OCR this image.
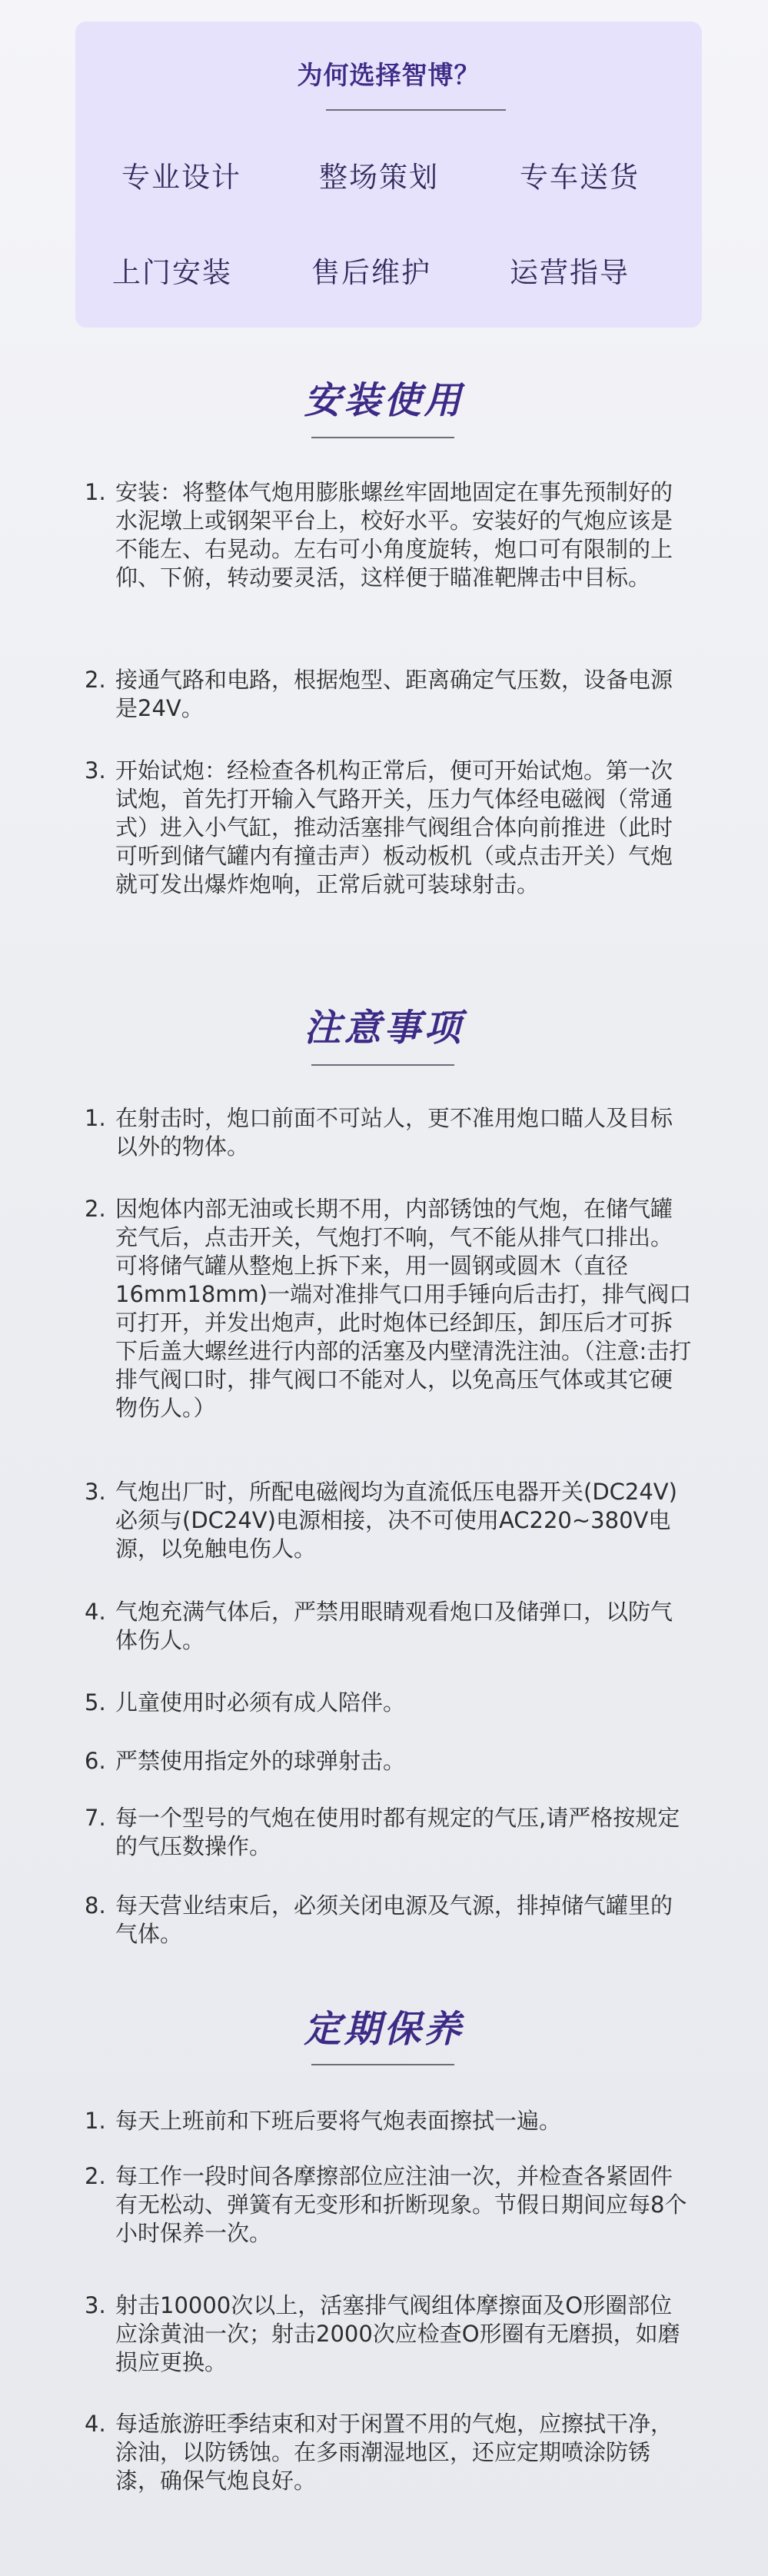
为何选择智博？
专业设计	整场策划	专车送货
上门安装	售后维护	运营指导
安装使用
1. 安装：将整体气炮用膨胀螺丝牢固地固定在事先预制好的水泥墩上或钢架平台上，校好水平。安装好的气炮应该是不能左、右晃动。左右可小角度旋转，炮口可有限制的上仰、下俯，转动要灵活，这样便于瞄准靶牌击中目标。
2. 接通气路和电路，根据炮型、距离确定气压数，设备电源是24V。
3. 开始试炮：经检查各机构正常后，便可开始试炮。第一次试炮，首先打开输入气路开关，压力气体经电磁阀（常通式）进入小气缸，推动活塞排气阀组合体向前推进（此时可听到储气罐内有撞击声）板动板机（或点击开关）气炮就可发出爆炸炮响，正常后就可装球射击。
注意事项
1. 在射击时，炮口前面不可站人，更不准用炮口瞄人及目标以外的物体。
2. 因炮体内部无油或长期不用，内部锈蚀的气炮，在储气罐充气后，点击开关，气炮打不响，气不能从排气口排出。可将储气罐从整炮上拆下来，用一圆钢或圆木（直径16mm18mm)一端对准排气口用手锤向后击打，排气阀口可打开，并发出炮声，此时炮体已经卸压，卸压后才可拆下后盖大螺丝进行内部的活塞及内壁清洗注油。（注意:击打排气阀口时，排气阀口不能对人，以免高压气体或其它硬物伤人。）
3. 气炮出厂时，所配电磁阀均为直流低压电器开关(DC24V)必须与(DC24V)电源相接，决不可使用AC220~380V电源，以免触电伤人。
4. 气炮充满气体后，严禁用眼睛观看炮口及储弹口，以防气体伤人。
5. 儿童使用时必须有成人陪伴。
6. 严禁使用指定外的球弹射击。
7. 每一个型号的气炮在使用时都有规定的气压,请严格按规定的气压数操作。
8. 每天营业结束后，必须关闭电源及气源，排掉储气罐里的气体。
定期保养
1. 每天上班前和下班后要将气炮表面擦拭一遍。
2. 每工作一段时间各摩擦部位应注油一次，并检查各紧固件有无松动、弹簧有无变形和折断现象。节假日期间应每8个小时保养一次。
3. 射击10000次以上，活塞排气阀组体摩擦面及O形圈部位应涂黄油一次；射击2000次应检查O形圈有无磨损，如磨损应更换。
4. 每适旅游旺季结束和对于闲置不用的气炮，应擦拭干净，涂油，以防锈蚀。在多雨潮湿地区，还应定期喷涂防锈漆，确保气炮良好。
